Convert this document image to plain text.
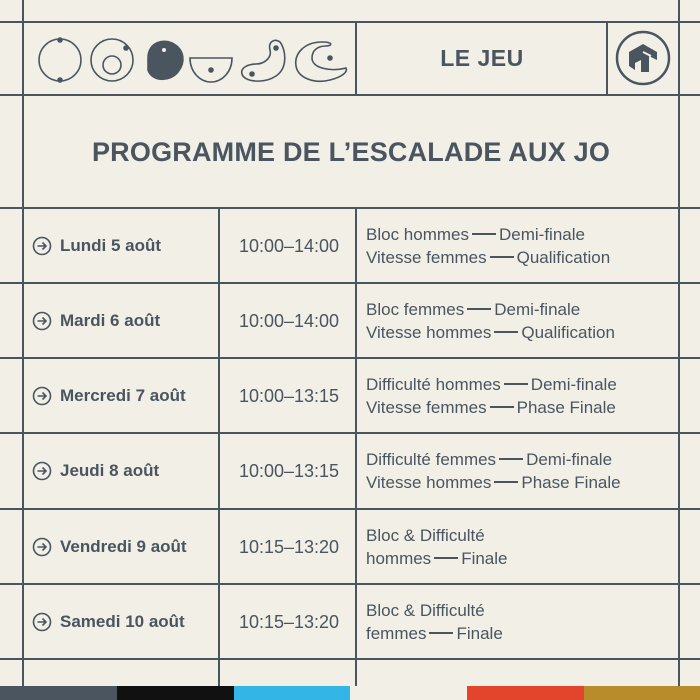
LE JEU
PROGRAMME DE L’ESCALADE AUX JO
Lundi 5 août	10:00–14:00
Bloc hommes Demi-finale
Vitesse femmes Qualification
Mardi 6 août	10:00–14:00
Bloc femmes Demi-finale
Vitesse hommes Qualification
Mercredi 7 août	10:00–13:15
Difficulté hommes Demi-finale
Vitesse femmes Phase Finale
Jeudi 8 août	10:00–13:15
Difficulté femmes Demi-finale
Vitesse hommes Phase Finale
Vendredi 9 août	10:15–13:20
Bloc & Difficulté
hommes Finale
Samedi 10 août	10:15–13:20
Bloc & Difficulté
femmes Finale
